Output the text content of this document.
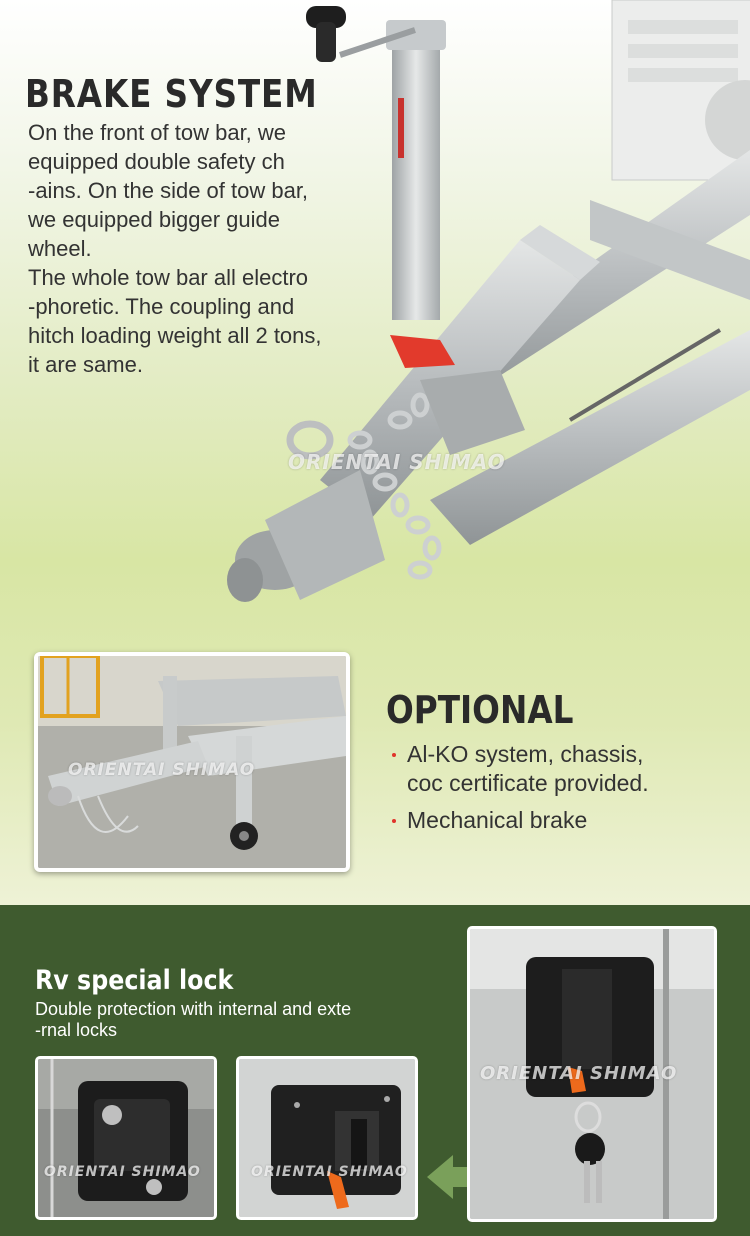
ORIENTAI SHIMAO
BRAKE SYSTEM

On the front of tow bar, we
equipped double safety ch
-ains. On the side of tow bar,
we equipped bigger guide
wheel.
The whole tow bar all electro
-phoretic. The coupling and
hitch loading weight all 2 tons,
it are same.

ORIENTAI SHIMAO
OPTIONAL
Al-KO system, chassis,
coc certificate provided.
Mechanical brake
Rv special lock

Double protection with internal and exte
-rnal locks

ORIENTAI SHIMAO	ORIENTAI SHIMAO
ORIENTAI SHIMAO
